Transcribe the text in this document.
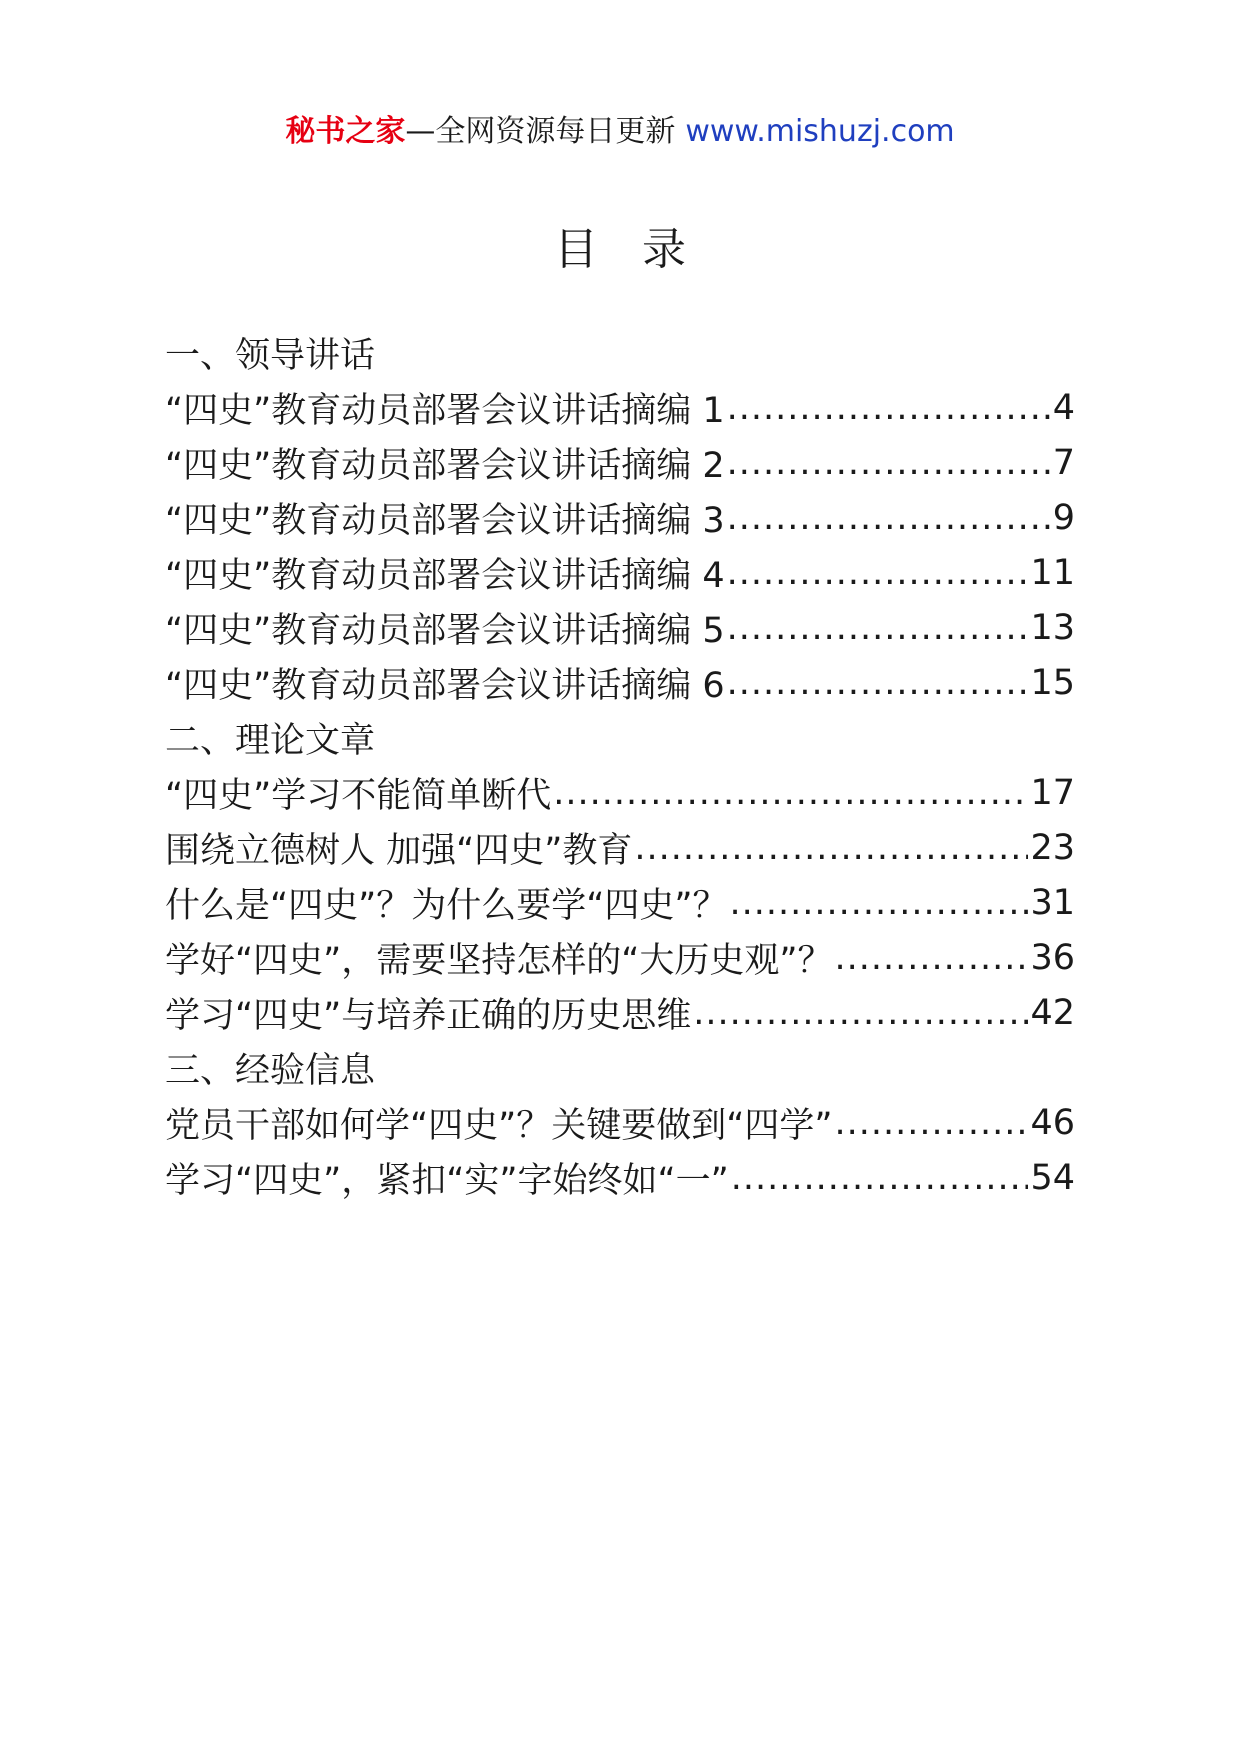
秘书之家—全网资源每日更新 www.mishuzj.com
目录
一、领导讲话
“四史”教育动员部署会议讲话摘编 1 .....	4
“四史”教育动员部署会议讲话摘编 2 .....	7
“四史”教育动员部署会议讲话摘编 3 .....	9
“四史”教育动员部署会议讲话摘编 4 .....	11
“四史”教育动员部署会议讲话摘编 5 .....	13
“四史”教育动员部署会议讲话摘编 6 .....	15
二、理论文章
“四史”学习不能简单断代 .....	17
围绕立德树人 加强“四史”教育 .....	23
什么是“四史”？为什么要学“四史”？ .....	31
学好“四史”，需要坚持怎样的“大历史观”？ .....	36
学习“四史”与培养正确的历史思维 .....	42
三、经验信息
党员干部如何学“四史”？关键要做到“四学” .....	46
学习“四史”，紧扣“实”字始终如“一” .....	54
